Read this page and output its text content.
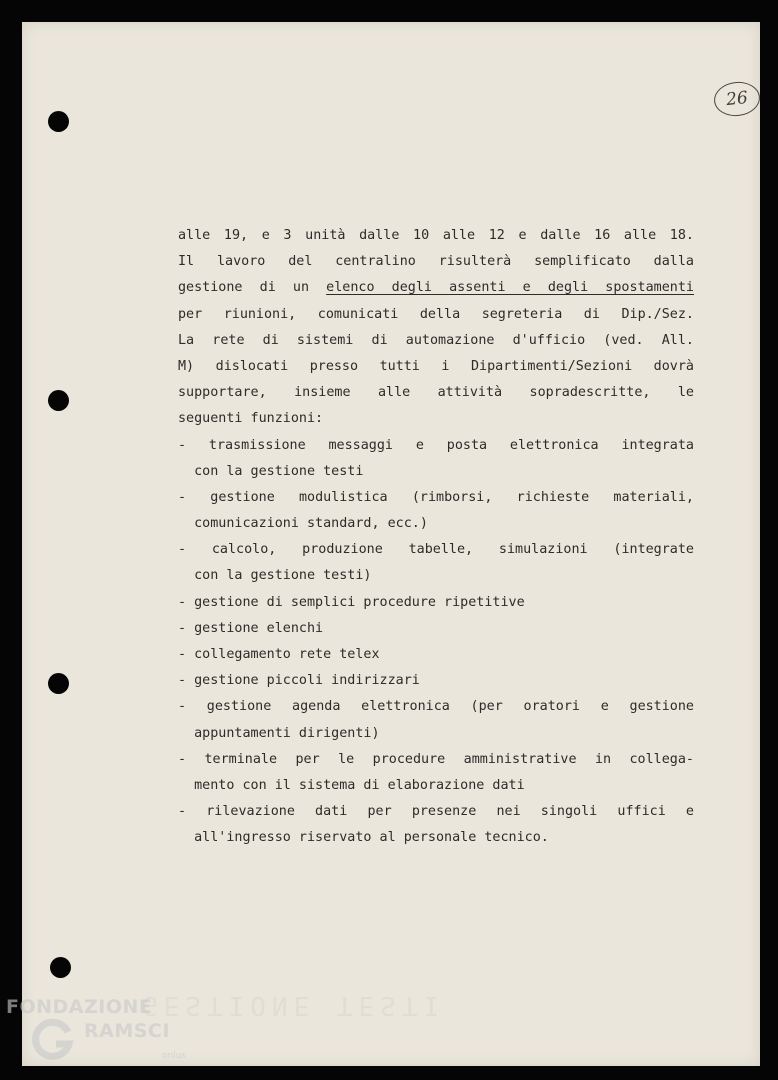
26
GESTIONE TESTI
alle 19, e 3 unità dalle 10 alle 12 e dalle 16 alle 18.
Il lavoro del centralino risulterà semplificato dalla
gestione di un elenco degli assenti e degli spostamenti
per riunioni, comunicati della segreteria di Dip./Sez.
La rete di sistemi di automazione d'ufficio (ved. All.
M) dislocati presso tutti i Dipartimenti/Sezioni dovrà
supportare, insieme alle attività sopradescritte, le
seguenti funzioni:
- trasmissione messaggi e posta elettronica integrata
con la gestione testi
- gestione modulistica (rimborsi, richieste materiali,
comunicazioni standard, ecc.)
- calcolo, produzione tabelle, simulazioni (integrate
con la gestione testi)
- gestione di semplici procedure ripetitive
- gestione elenchi
- collegamento rete telex
- gestione piccoli indirizzari
- gestione agenda elettronica (per oratori e gestione
appuntamenti dirigenti)
- terminale per le procedure amministrative in collega-
mento con il sistema di elaborazione dati
- rilevazione dati per presenze nei singoli uffici e
all'ingresso riservato al personale tecnico.
FONDAZIONE
RAMSCI
onlus
